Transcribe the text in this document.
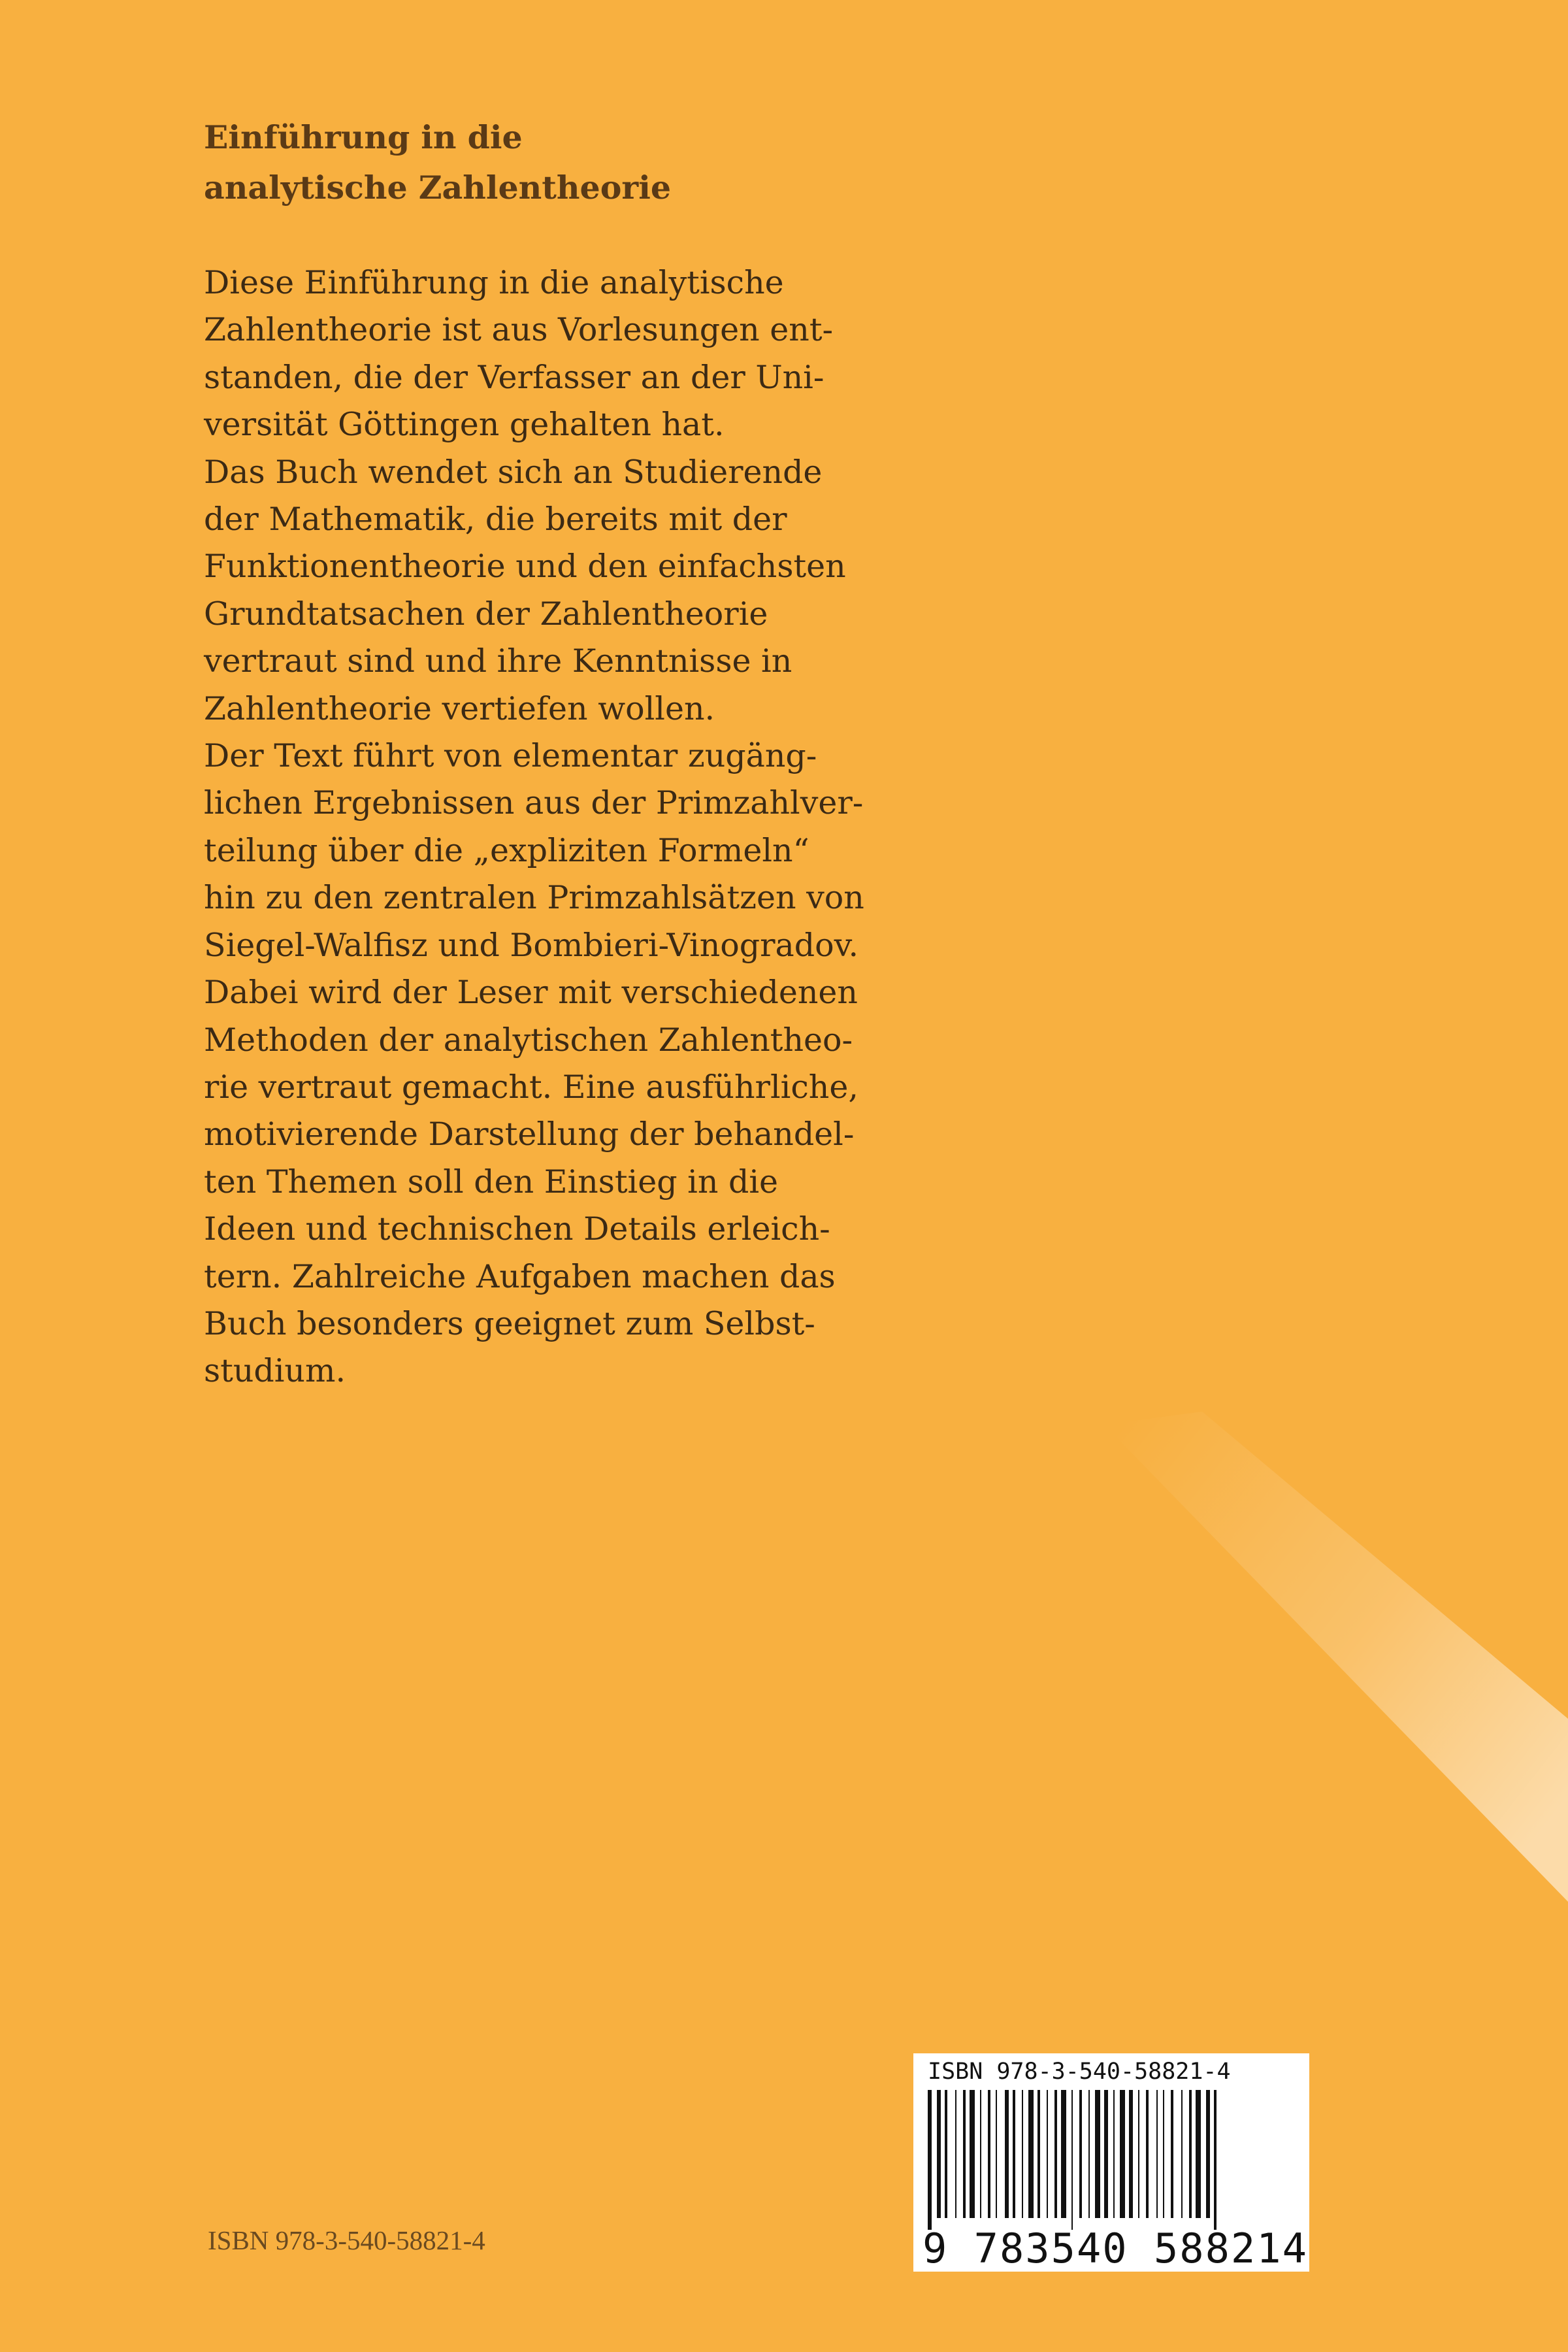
Einführung in die
analytische Zahlentheorie
Diese Einführung in die analytische
Zahlentheorie ist aus Vorlesungen ent-
standen, die der Verfasser an der Uni-
versität Göttingen gehalten hat.
Das Buch wendet sich an Studierende
der Mathematik, die bereits mit der
Funktionentheorie und den einfachsten
Grundtatsachen der Zahlentheorie
vertraut sind und ihre Kenntnisse in
Zahlentheorie vertiefen wollen.
Der Text führt von elementar zugäng-
lichen Ergebnissen aus der Primzahlver-
teilung über die „expliziten Formeln“
hin zu den zentralen Primzahlsätzen von
Siegel-Walfisz und Bombieri-Vinogradov.
Dabei wird der Leser mit verschiedenen
Methoden der analytischen Zahlentheo-
rie vertraut gemacht. Eine ausführliche,
motivierende Darstellung der behandel-
ten Themen soll den Einstieg in die
Ideen und technischen Details erleich-
tern. Zahlreiche Aufgaben machen das
Buch besonders geeignet zum Selbst-
studium.
ISBN 978-3-540-58821-4
ISBN 978-3-540-58821-4
9 783540 588214
